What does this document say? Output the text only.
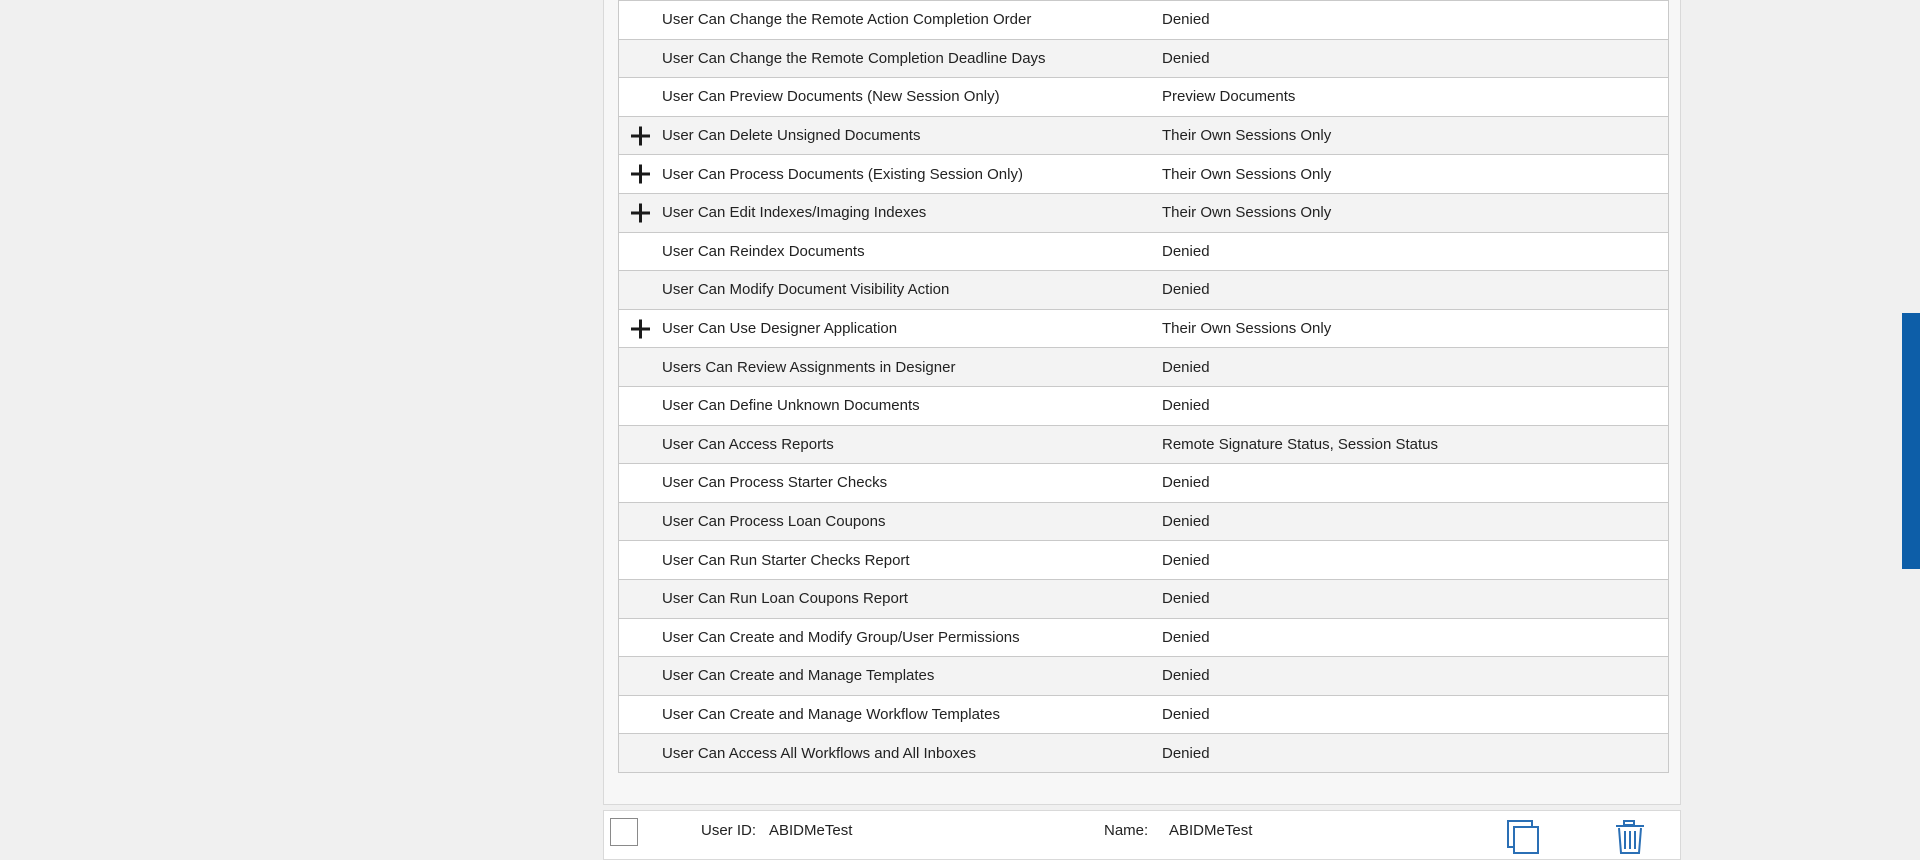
User Can Change the Remote Action Completion Order	Denied
User Can Change the Remote Completion Deadline Days	Denied
User Can Preview Documents (New Session Only)	Preview Documents
User Can Delete Unsigned Documents	Their Own Sessions Only
User Can Process Documents (Existing Session Only)	Their Own Sessions Only
User Can Edit Indexes/Imaging Indexes	Their Own Sessions Only
User Can Reindex Documents	Denied
User Can Modify Document Visibility Action	Denied
User Can Use Designer Application	Their Own Sessions Only
Users Can Review Assignments in Designer	Denied
User Can Define Unknown Documents	Denied
User Can Access Reports	Remote Signature Status, Session Status
User Can Process Starter Checks	Denied
User Can Process Loan Coupons	Denied
User Can Run Starter Checks Report	Denied
User Can Run Loan Coupons Report	Denied
User Can Create and Modify Group/User Permissions	Denied
User Can Create and Manage Templates	Denied
User Can Create and Manage Workflow Templates	Denied
User Can Access All Workflows and All Inboxes	Denied
User ID: ABIDMeTest	Name: ABIDMeTest
